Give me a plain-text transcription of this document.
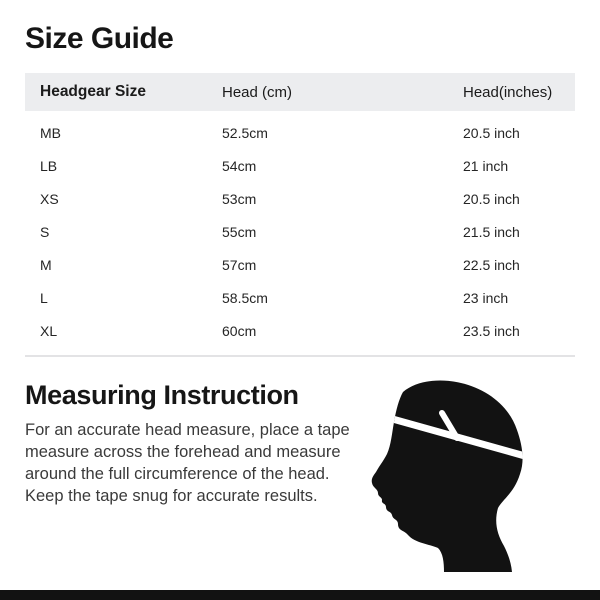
Size Guide
Headgear Size	Head (cm)	Head(inches)
MB	52.5cm	20.5 inch
LB	54cm	21 inch
XS	53cm	20.5 inch
S	55cm	21.5 inch
M	57cm	22.5 inch
L	58.5cm	23 inch
XL	60cm	23.5 inch
Measuring Instruction
For an accurate head measure, place a tape
measure across the forehead and measure
around the full circumference of the head.
Keep the tape snug for accurate results.
